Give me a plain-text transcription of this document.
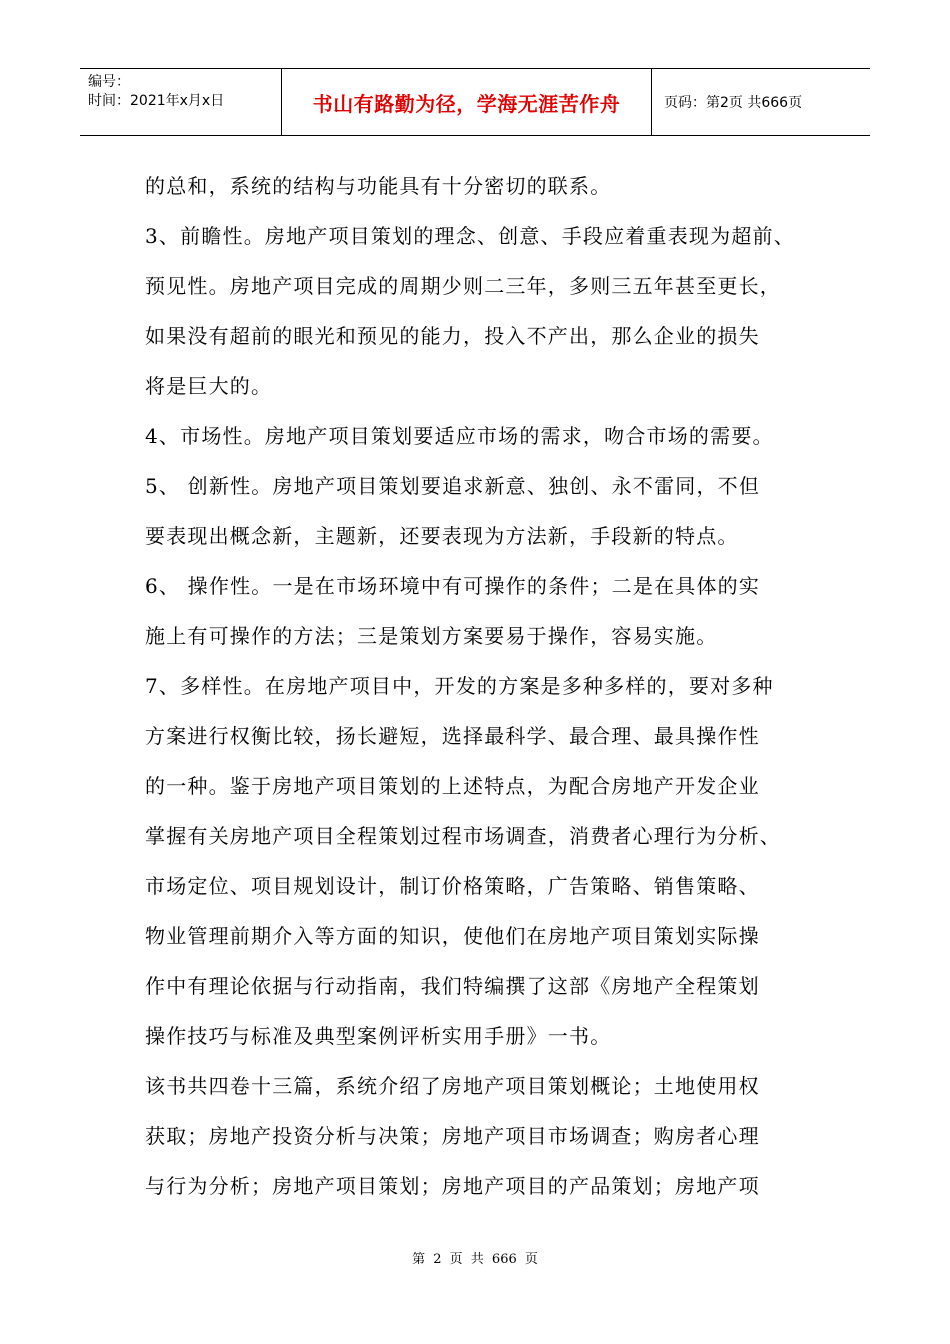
编号：
时间：2021年x月x日	书山有路勤为径，学海无涯苦作舟	页码：第2页 共666页
的总和，系统的结构与功能具有十分密切的联系。
3、前瞻性。房地产项目策划的理念、创意、手段应着重表现为超前、
预见性。房地产项目完成的周期少则二三年，多则三五年甚至更长，
如果没有超前的眼光和预见的能力，投入不产出，那么企业的损失
将是巨大的。
4、市场性。房地产项目策划要适应市场的需求，吻合市场的需要。
5、 创新性。房地产项目策划要追求新意、独创、永不雷同，不但
要表现出概念新，主题新，还要表现为方法新，手段新的特点。
6、 操作性。一是在市场环境中有可操作的条件；二是在具体的实
施上有可操作的方法；三是策划方案要易于操作，容易实施。
7、多样性。在房地产项目中，开发的方案是多种多样的，要对多种
方案进行权衡比较，扬长避短，选择最科学、最合理、最具操作性
的一种。鉴于房地产项目策划的上述特点，为配合房地产开发企业
掌握有关房地产项目全程策划过程市场调查，消费者心理行为分析、
市场定位、项目规划设计，制订价格策略，广告策略、销售策略、
物业管理前期介入等方面的知识，使他们在房地产项目策划实际操
作中有理论依据与行动指南，我们特编撰了这部《房地产全程策划
操作技巧与标准及典型案例评析实用手册》一书。
该书共四卷十三篇，系统介绍了房地产项目策划概论；土地使用权
获取；房地产投资分析与决策；房地产项目市场调查；购房者心理
与行为分析；房地产项目策划；房地产项目的产品策划；房地产项
第 2 页 共 666 页
